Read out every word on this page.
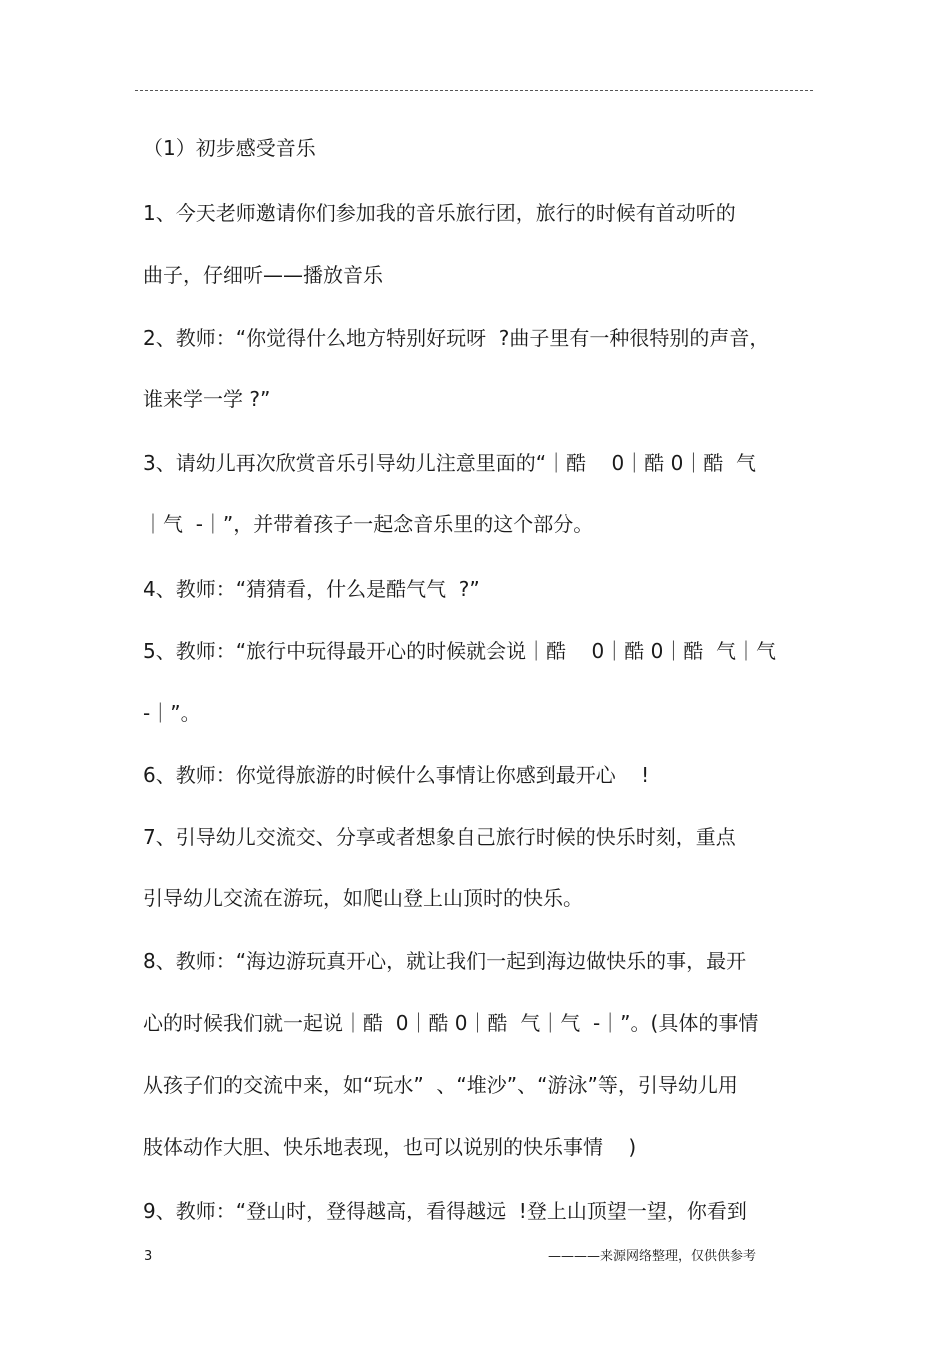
（1）初步感受音乐
1、今天老师邀请你们参加我的音乐旅行团，旅行的时候有首动听的
曲子，仔细听——播放音乐
2、教师：“你觉得什么地方特别好玩呀  ?曲子里有一种很特别的声音，
谁来学一学 ?”
3、请幼儿再次欣赏音乐引导幼儿注意里面的“｜酷    0｜酷 0｜酷  气
｜气  -｜”，并带着孩子一起念音乐里的这个部分。
4、教师：“猜猜看，什么是酷气气  ?”
5、教师：“旅行中玩得最开心的时候就会说｜酷    0｜酷 0｜酷  气｜气
-｜”。
6、教师：你觉得旅游的时候什么事情让你感到最开心    !
7、引导幼儿交流交、分享或者想象自己旅行时候的快乐时刻，重点
引导幼儿交流在游玩，如爬山登上山顶时的快乐。
8、教师：“海边游玩真开心，就让我们一起到海边做快乐的事，最开
心的时候我们就一起说｜酷  0｜酷 0｜酷  气｜气  -｜”。(具体的事情
从孩子们的交流中来，如“玩水”  、“堆沙”、“游泳”等，引导幼儿用
肢体动作大胆、快乐地表现，也可以说别的快乐事情    )
9、教师：“登山时，登得越高，看得越远  !登上山顶望一望，你看到
3	————来源网络整理，仅供供参考
